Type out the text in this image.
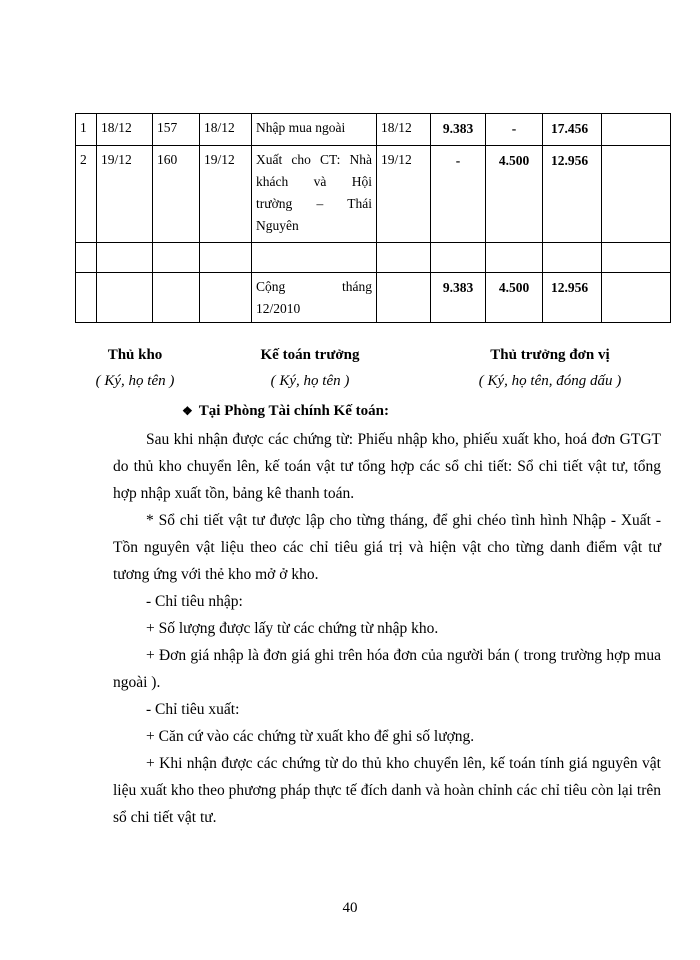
1	18/12	157	18/12	Nhập mua ngoài	18/12	9.383	-	17.456	
2	19/12	160	19/12	Xuất cho CT: Nhà
khách và Hội
trường – Thái
Nguyên	19/12	-	4.500	12.956	

				Cộng tháng
12/2010		9.383	4.500	12.956	
Thủ kho
( Ký, họ tên )
Kế toán trưởng
( Ký, họ tên )
Thủ trưởng đơn vị
( Ký, họ tên, đóng dấu )
❖ Tại Phòng Tài chính Kế toán:

Sau khi nhận được các chứng từ: Phiếu nhập kho, phiếu xuất kho, hoá đơn GTGT do thủ kho chuyển lên, kế toán vật tư tổng hợp các sổ chi tiết: Sổ chi tiết vật tư, tổng hợp nhập xuất tồn, bảng kê thanh toán.

* Sổ chi tiết vật tư được lập cho từng tháng, để ghi chéo tình hình Nhập - Xuất - Tồn nguyên vật liệu theo các chỉ tiêu giá trị và hiện vật cho từng danh điểm vật tư tương ứng với thẻ kho mở ở kho.

- Chỉ tiêu nhập:

+ Số lượng được lấy từ các chứng từ nhập kho.

+ Đơn giá nhập là đơn giá ghi trên hóa đơn của người bán ( trong trường hợp mua ngoài ).

- Chỉ tiêu xuất:

+ Căn cứ vào các chứng từ xuất kho để ghi số lượng.

+ Khi nhận được các chứng từ do thủ kho chuyển lên, kế toán tính giá nguyên vật liệu xuất kho theo phương pháp thực tế đích danh và hoàn chỉnh các chỉ tiêu còn lại trên sổ chi tiết vật tư.

40
